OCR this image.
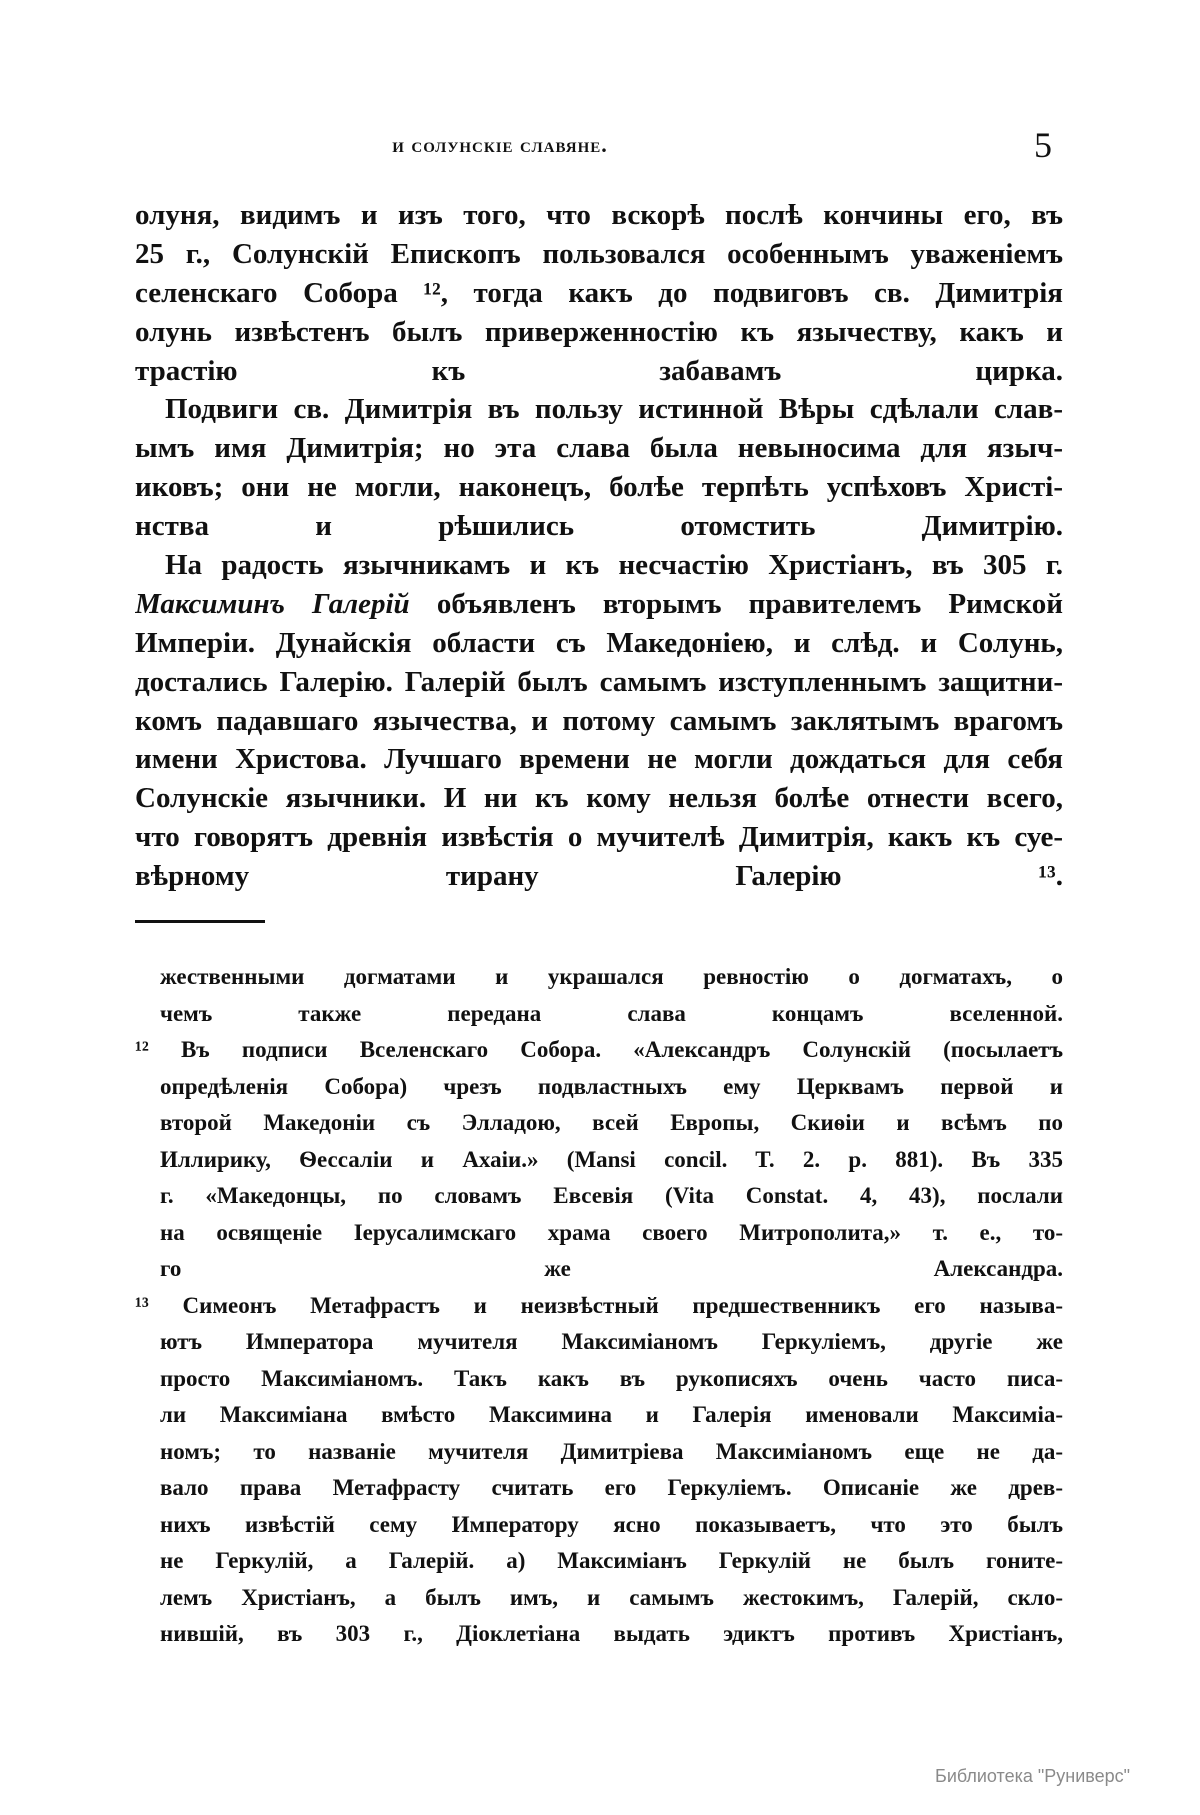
и солунскіе славяне.	5
олуня, видимъ и изъ того, что вскорѣ послѣ кончины его, въ
25 г., Солунскій Епископъ пользовался особеннымъ уваженіемъ
селенскаго Собора ¹², тогда какъ до подвиговъ св. Димитрія
олунь извѣстенъ былъ приверженностію къ язычеству, какъ и
трастію къ забавамъ цирка.
Подвиги св. Димитрія въ пользу истинной Вѣры сдѣлали слав-
ымъ имя Димитрія; но эта слава была невыносима для языч-
иковъ; они не могли, наконецъ, болѣе терпѣть успѣховъ Христі-
нства и рѣшились отомстить Димитрію.
На радость язычникамъ и къ несчастію Христіанъ, въ 305 г.
Максиминъ Галерій объявленъ вторымъ правителемъ Римской
Имперіи. Дунайскія области съ Македоніею, и слѣд. и Солунь,
достались Галерію. Галерій былъ самымъ изступленнымъ защитни-
комъ падавшаго язычества, и потому самымъ заклятымъ врагомъ
имени Христова. Лучшаго времени не могли дождаться для себя
Солунскіе язычники. И ни къ кому нельзя болѣе отнести всего,
что говорятъ древнія извѣстія о мучителѣ Димитрія, какъ къ суе-
вѣрному тирану Галерію ¹³.
жественными догматами и украшался ревностію о догматахъ, о
чемъ также передана слава концамъ вселенной.
¹² Въ подписи Вселенскаго Собора. «Александръ Солунскій (посылаетъ
опредѣленія Собора) чрезъ подвластныхъ ему Церквамъ первой и
второй Македоніи съ Элладою, всей Европы, Скиѳіи и всѣмъ по
Иллирику, Ѳессаліи и Ахаіи.» (Mansi concil. T. 2. p. 881). Въ 335
г. «Македонцы, по словамъ Евсевія (Vita Constat. 4, 43), послали
на освященіе Іерусалимскаго храма своего Митрополита,» т. е., то-
го же Александра.
¹³ Симеонъ Метафрастъ и неизвѣстный предшественникъ его называ-
ютъ Императора мучителя Максиміаномъ Геркуліемъ, другіе же
просто Максиміаномъ. Такъ какъ въ рукописяхъ очень часто писа-
ли Максиміана вмѣсто Максимина и Галерія именовали Максиміа-
номъ; то названіе мучителя Димитріева Максиміаномъ еще не да-
вало права Метафрасту считать его Геркуліемъ. Описаніе же древ-
нихъ извѣстій сему Императору ясно показываетъ, что это былъ
не Геркулій, а Галерій. а) Максиміанъ Геркулій не былъ гоните-
лемъ Христіанъ, а былъ имъ, и самымъ жестокимъ, Галерій, скло-
нившій, въ 303 г., Діоклетіана выдать эдиктъ противъ Христіанъ,
Библиотека "Руниверс"
